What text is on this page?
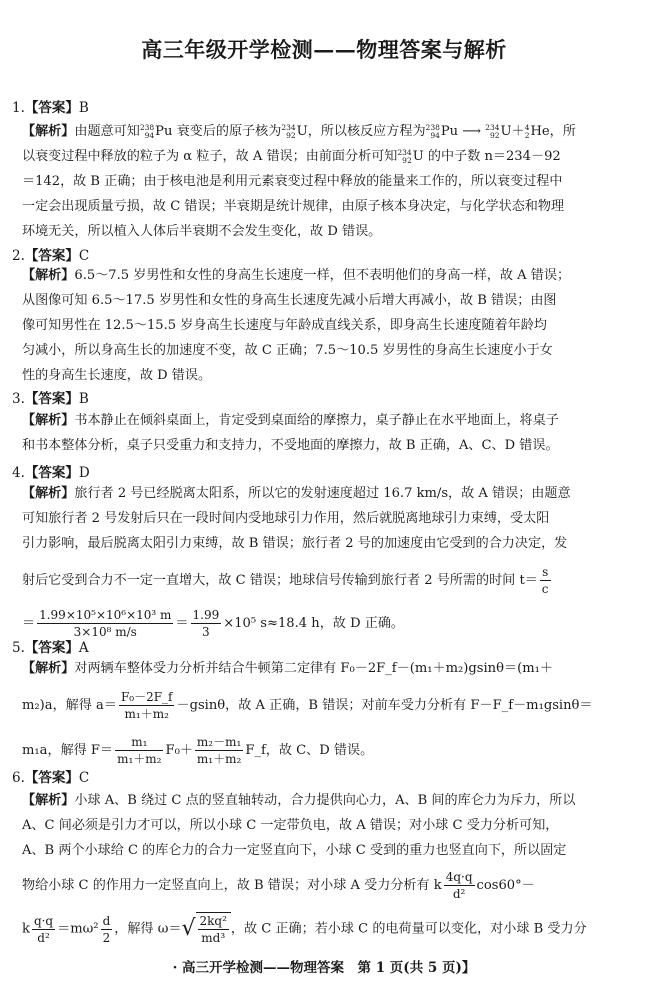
高三年级开学检测——物理答案与解析
1.【答案】B
【解析】由题意可知 238
94 Pu 衰变后的原子核为 234
92 U，所以核反应方程为 238
94 Pu ⟶ 234
92 U＋ 4
2 He，所
以衰变过程中释放的粒子为 α 粒子，故 A 错误；由前面分析可知 234
92 U 的中子数 n＝234－92
＝142，故 B 正确；由于核电池是利用元素衰变过程中释放的能量来工作的，所以衰变过程中
一定会出现质量亏损，故 C 错误；半衰期是统计规律，由原子核本身决定，与化学状态和物理
环境无关，所以植入人体后半衰期不会发生变化，故 D 错误。
2.【答案】C
【解析】6.5～7.5 岁男性和女性的身高生长速度一样，但不表明他们的身高一样，故 A 错误；
从图像可知 6.5～17.5 岁男性和女性的身高生长速度先减小后增大再减小，故 B 错误；由图
像可知男性在 12.5～15.5 岁身高生长速度与年龄成直线关系，即身高生长速度随着年龄均
匀减小，所以身高生长的加速度不变，故 C 正确；7.5～10.5 岁男性的身高生长速度小于女
性的身高生长速度，故 D 错误。
3.【答案】B
【解析】书本静止在倾斜桌面上，肯定受到桌面给的摩擦力，桌子静止在水平地面上，将桌子
和书本整体分析，桌子只受重力和支持力，不受地面的摩擦力，故 B 正确，A、C、D 错误。
4.【答案】D
【解析】旅行者 2 号已经脱离太阳系，所以它的发射速度超过 16.7 km/s，故 A 错误；由题意
可知旅行者 2 号发射后只在一段时间内受地球引力作用，然后就脱离地球引力束缚，受太阳
引力影响，最后脱离太阳引力束缚，故 B 错误；旅行者 2 号的加速度由它受到的合力决定，发
射后它受到合力不一定一直增大，故 C 错误；地球信号传输到旅行者 2 号所需的时间 $t= \frac{s}{c}$
＝ $\frac{\text{1.99×10⁵×10⁶×10³ m}}{\text{3×10⁸ m/s}} = \frac{1.99}{3} \times 10^5$ s≈18.4 h，故 D 正确。
5.【答案】A
【解析】对两辆车整体受力分析并结合牛顿第二定律有 F₀－2F_f－(m₁＋m₂)gsinθ＝(m₁＋
m₂)a，解得 $a= \frac{\text{F₀－2F\_f}}{\text{m₁＋m₂}} -gsin\theta$，故 A 正确，B 错误；对前车受力分析有 F－F_f－m₁gsinθ＝
m₁a，解得 $F= \frac{\text{m₁}}{\text{m₁＋m₂}} F_0+ \frac{\text{m₂－m₁}}{\text{m₁＋m₂}}$ F_f，故 C、D 错误。
6.【答案】C
【解析】小球 A、B 绕过 C 点的竖直轴转动，合力提供向心力，A、B 间的库仑力为斥力，所以
A、C 间必须是引力才可以，所以小球 C 一定带负电，故 A 错误；对小球 C 受力分析可知，
A、B 两个小球给 C 的库仑力的合力一定竖直向下，小球 C 受到的重力也竖直向下，所以固定
物给小球 C 的作用力一定竖直向上，故 B 错误；对小球 A 受力分析有 k $\frac{4q\cdot q}{\text{d²}} \cos 60^\circ-$
k $\frac{q\cdot q}{\text{d²}} =m\omega^2 \frac{d}{2}$ ，解得 $\omega=√ \frac{\text{2kq²}}{\text{md³}}$ ，故 C 正确；若小球 C 的电荷量可以变化，对小球 B 受力分
· 高三开学检测——物理答案　第 1 页(共 5 页)】
